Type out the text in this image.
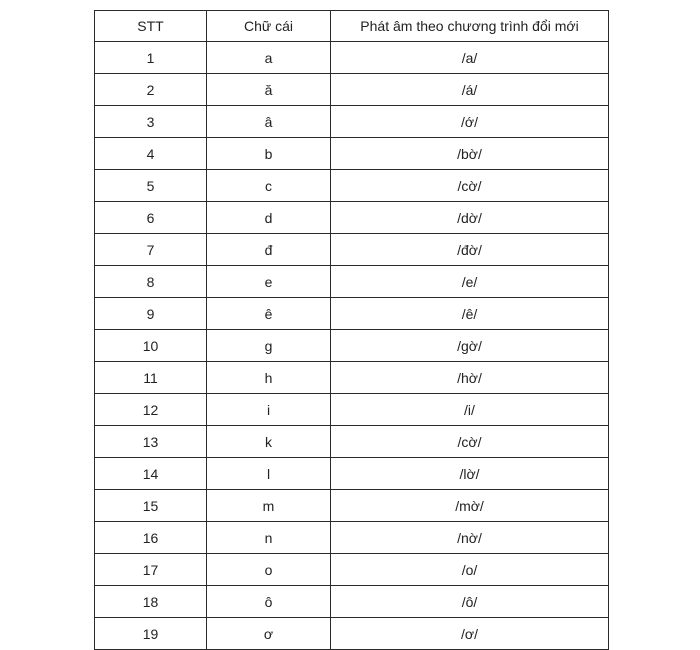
STT	Chữ cái	Phát âm theo chương trình đổi mới
1	a	/a/
2	ă	/á/
3	â	/ớ/
4	b	/bờ/
5	c	/cờ/
6	d	/dờ/
7	đ	/đờ/
8	e	/e/
9	ê	/ê/
10	g	/gờ/
11	h	/hờ/
12	i	/i/
13	k	/cờ/
14	l	/lờ/
15	m	/mờ/
16	n	/nờ/
17	o	/o/
18	ô	/ô/
19	ơ	/ơ/
